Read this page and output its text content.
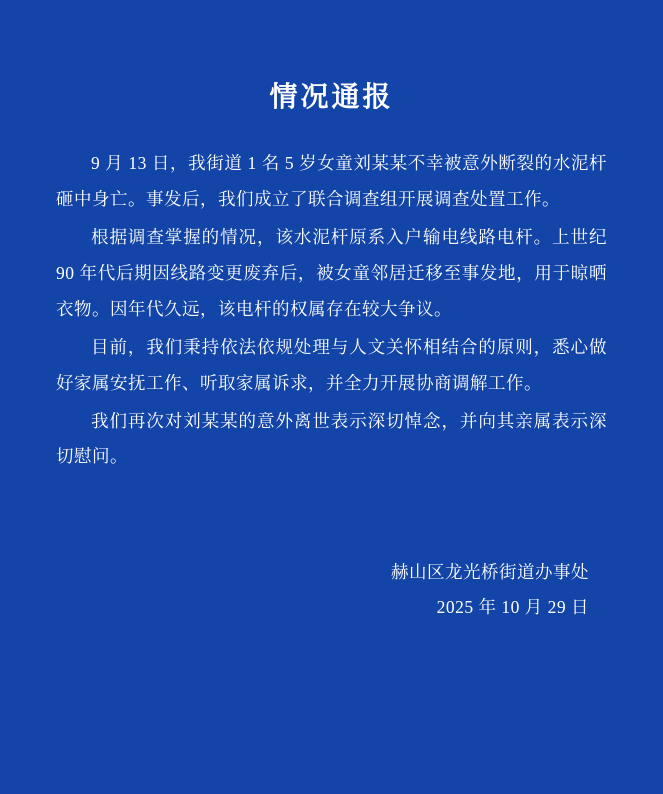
情况通报

9 月 13 日，我街道 1 名 5 岁女童刘某某不幸被意外断裂的水泥杆砸中身亡。事发后，我们成立了联合调查组开展调查处置工作。

根据调查掌握的情况，该水泥杆原系入户输电线路电杆。上世纪 90 年代后期因线路变更废弃后，被女童邻居迁移至事发地，用于晾晒衣物。因年代久远，该电杆的权属存在较大争议。

目前，我们秉持依法依规处理与人文关怀相结合的原则，悉心做好家属安抚工作、听取家属诉求，并全力开展协商调解工作。

我们再次对刘某某的意外离世表示深切悼念，并向其亲属表示深切慰问。

赫山区龙光桥街道办事处
2025 年 10 月 29 日
